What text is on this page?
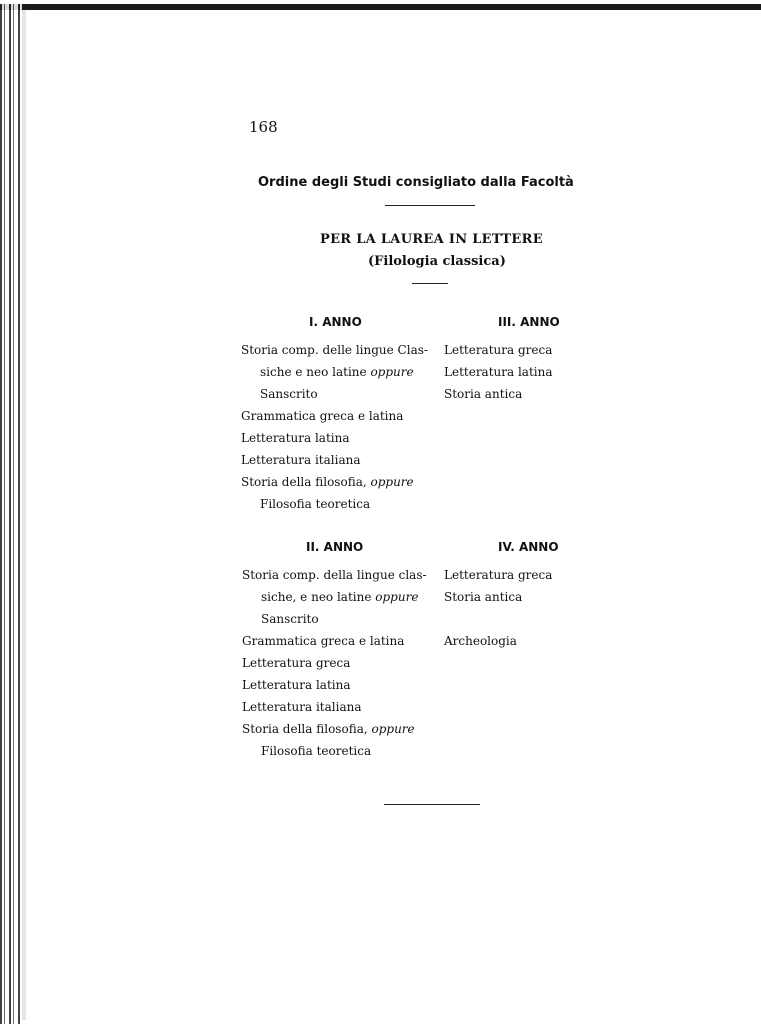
168
Ordine degli Studi consigliato dalla Facoltà
PER LA LAUREA IN LETTERE
(Filologia classica)
I. ANNO
Storia comp. delle lingue Clas-
siche e neo latine oppure
Sanscrito
Grammatica greca e latina
Letteratura latina
Letteratura italiana
Storia della filosofia, oppure
Filosofia teoretica
III. ANNO
Letteratura greca
Letteratura latina
Storia antica
II. ANNO
Storia comp. della lingue clas-
siche, e neo latine oppure
Sanscrito
Grammatica greca e latina
Letteratura greca
Letteratura latina
Letteratura italiana
Storia della filosofia, oppure
Filosofia teoretica
IV. ANNO
Letteratura greca
Storia antica
Archeologia
